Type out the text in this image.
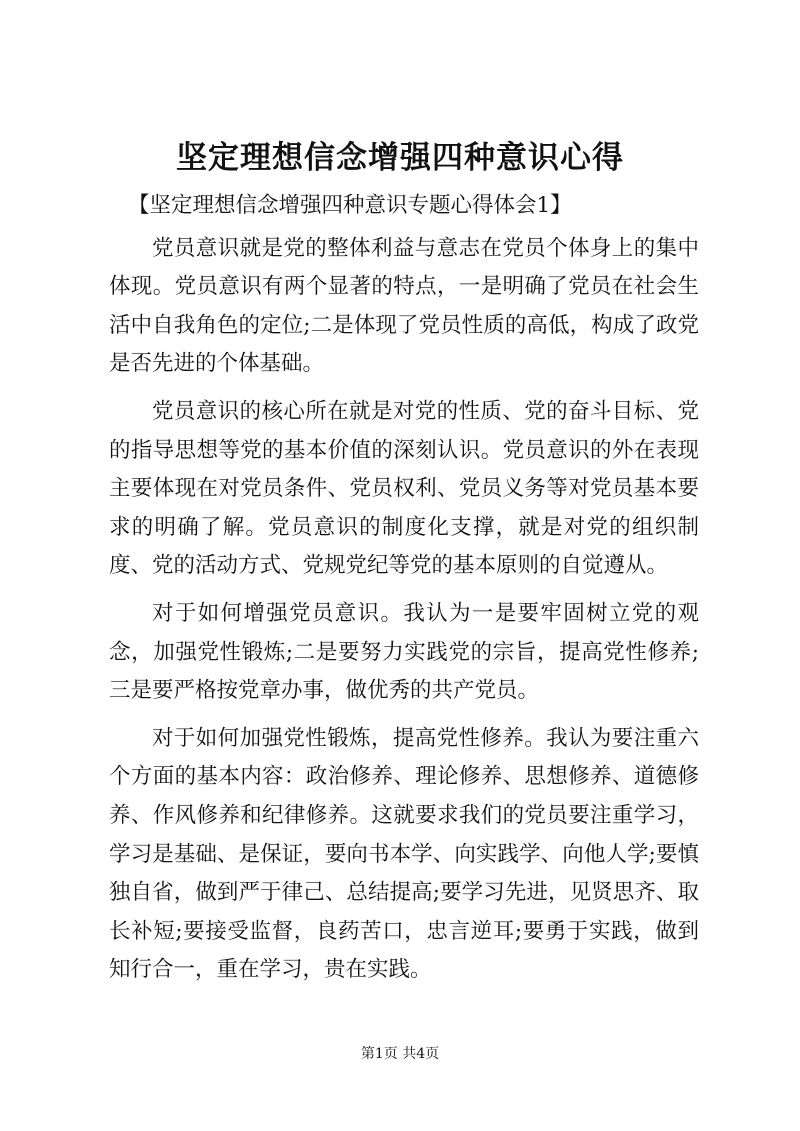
坚定理想信念增强四种意识心得

【坚定理想信念增强四种意识专题心得体会1】

党员意识就是党的整体利益与意志在党员个体身上的集中体现。党员意识有两个显著的特点，一是明确了党员在社会生活中自我角色的定位;二是体现了党员性质的高低，构成了政党是否先进的个体基础。

党员意识的核心所在就是对党的性质、党的奋斗目标、党的指导思想等党的基本价值的深刻认识。党员意识的外在表现主要体现在对党员条件、党员权利、党员义务等对党员基本要求的明确了解。党员意识的制度化支撑，就是对党的组织制度、党的活动方式、党规党纪等党的基本原则的自觉遵从。

对于如何增强党员意识。我认为一是要牢固树立党的观念，加强党性锻炼;二是要努力实践党的宗旨，提高党性修养;三是要严格按党章办事，做优秀的共产党员。

对于如何加强党性锻炼，提高党性修养。我认为要注重六个方面的基本内容：政治修养、理论修养、思想修养、道德修养、作风修养和纪律修养。这就要求我们的党员要注重学习，学习是基础、是保证，要向书本学、向实践学、向他人学;要慎独自省，做到严于律己、总结提高;要学习先进，见贤思齐、取长补短;要接受监督，良药苦口，忠言逆耳;要勇于实践，做到知行合一，重在学习，贵在实践。

第1页 共4页
